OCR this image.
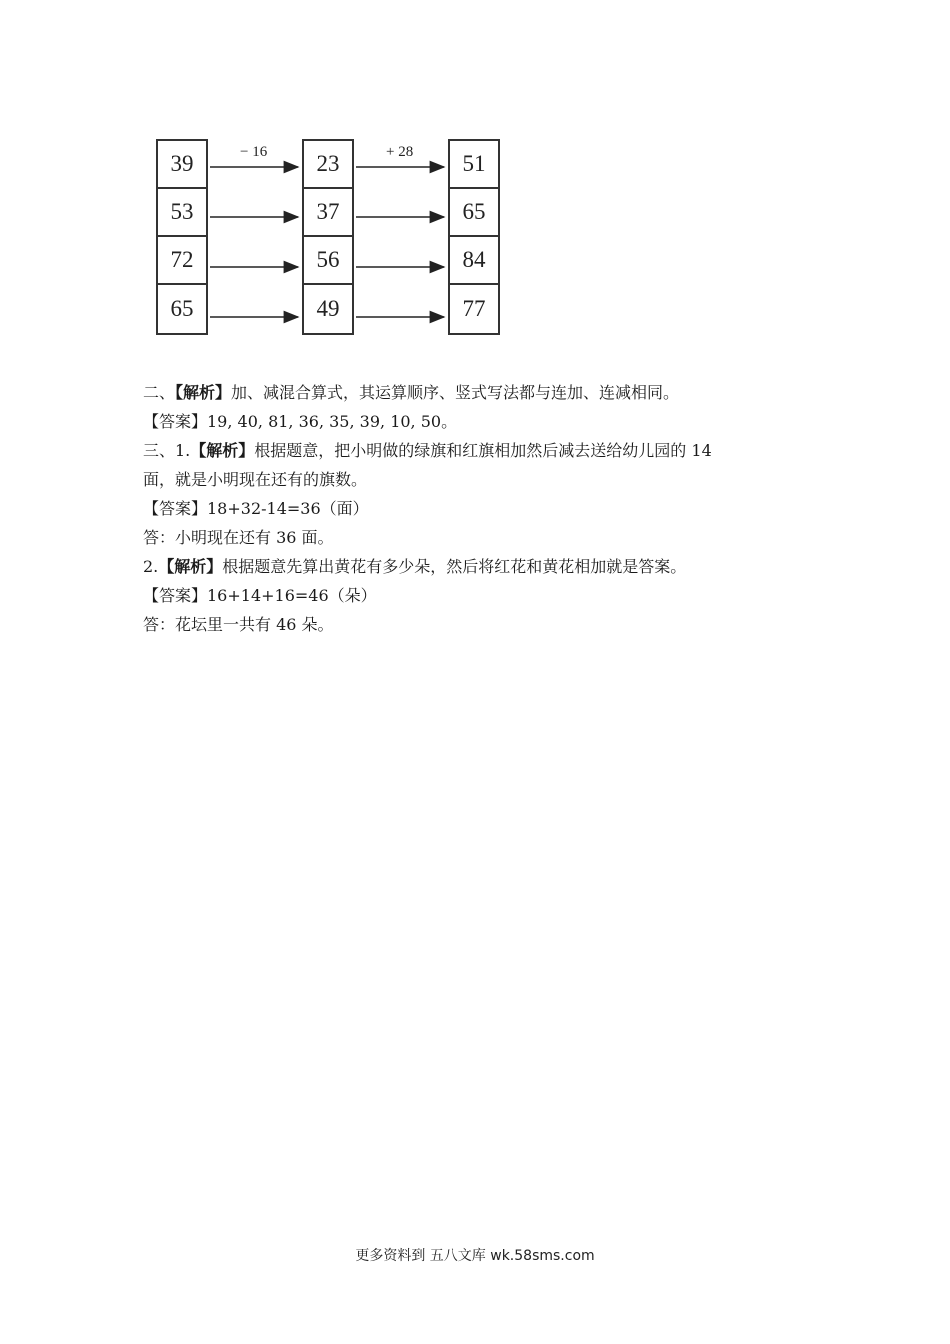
− 16	+ 28
39
53
72
65
23
37
56
49
51
65
84
77

二、【解析】加、减混合算式，其运算顺序、竖式写法都与连加、连减相同。

【答案】19, 40, 81, 36, 35, 39, 10, 50。

三、1.【解析】根据题意，把小明做的绿旗和红旗相加然后减去送给幼儿园的 14

面，就是小明现在还有的旗数。

【答案】18+32-14=36（面）

答：小明现在还有 36 面。

2.【解析】根据题意先算出黄花有多少朵，然后将红花和黄花相加就是答案。

【答案】16+14+16=46（朵）

答：花坛里一共有 46 朵。

更多资料到 五八文库 wk.58sms.com
